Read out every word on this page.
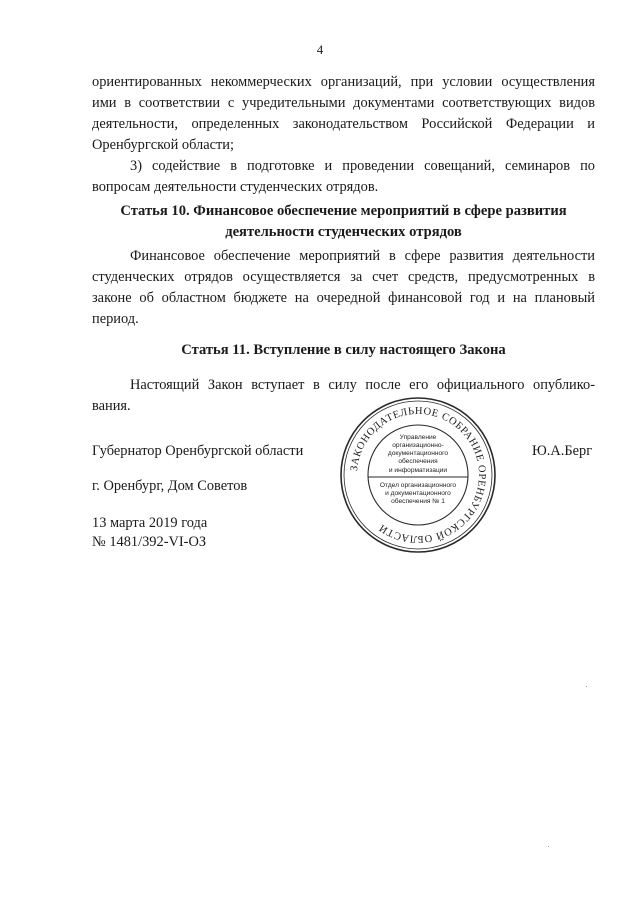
4
ориентированных некоммерческих организаций, при условии осуществления
ими в соответствии с учредительными документами соответствующих видов
деятельности, определенных законодательством Российской Федерации и
Оренбургской области;
3) содействие в подготовке и проведении совещаний, семинаров по
вопросам деятельности студенческих отрядов.
Статья 10. Финансовое обеспечение мероприятий в сфере развития
деятельности студенческих отрядов
Финансовое обеспечение мероприятий в сфере развития деятельности
студенческих отрядов осуществляется за счет средств, предусмотренных в
законе об областном бюджете на очередной финансовой год и на плановый
период.
Статья 11. Вступление в силу настоящего Закона
Настоящий Закон вступает в силу после его официального опублико-
вания.
Губернатор Оренбургской области	Ю.А.Берг
г. Оренбург, Дом Советов
13 марта 2019 года
№ 1481/392-VI-ОЗ
ЗАКОНОДАТЕЛЬНОЕ СОБРАНИЕ ОРЕНБУРГСКОЙ ОБЛАСТИ
Управление
организационно-
документационного
обеспечения
и информатизации
Отдел организационного
и документационного
обеспечения № 1
